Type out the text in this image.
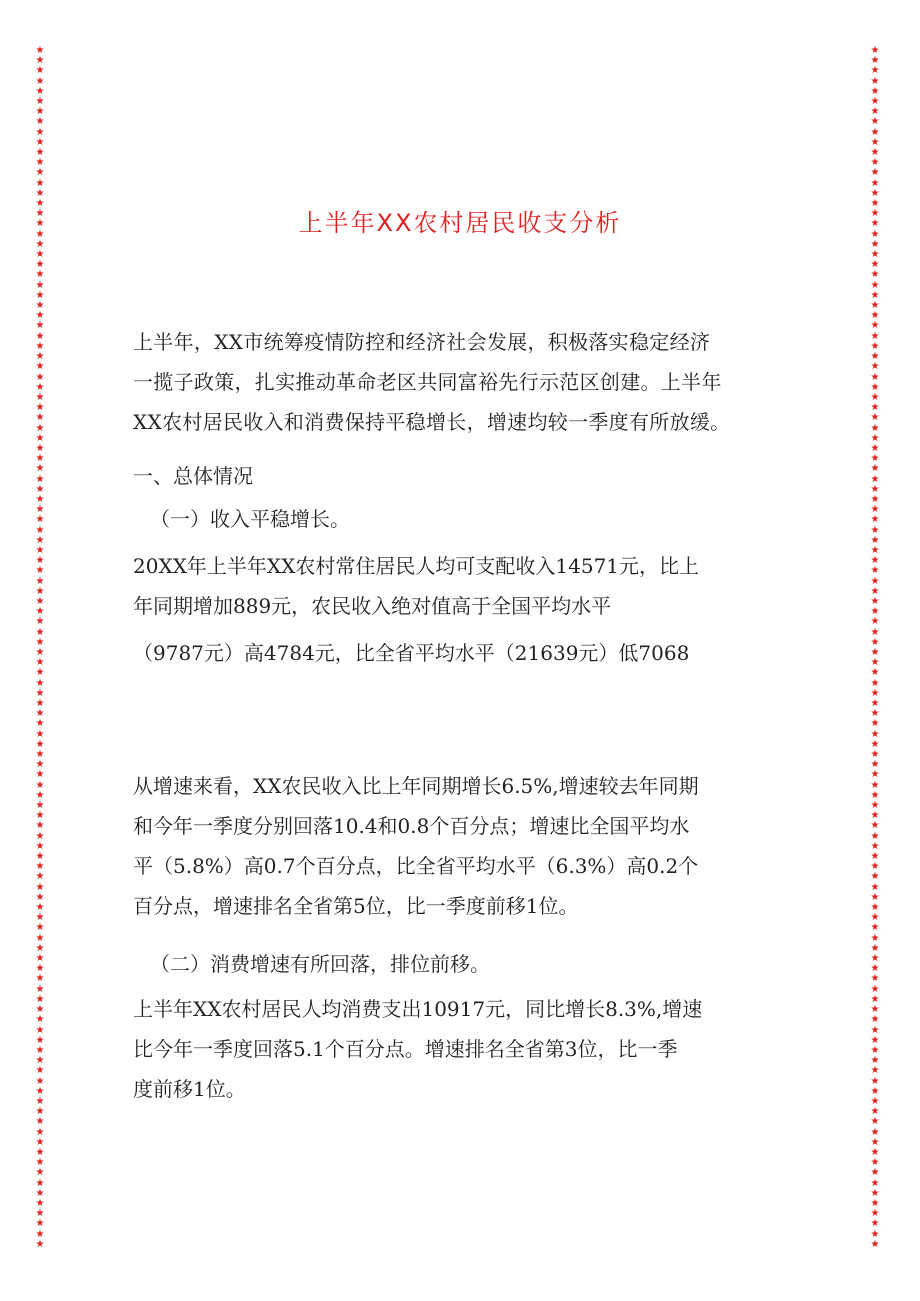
★
★
★
★
★
★
★
★
★
★
★
★
★
★
★
★
★
★
★
★
★
★
★
★
★
★
★
★
★
★
★
★
★
★
★
★
★
★
★
★
★
★
★
★
★
★
★
★
★
★
★
★
★
★
★
★
★
★
★
★
★
★
★
★
★
★
★
★
★
★
★
★
★
★
★
★
★
★
★
★
★
★
★
★
★
★
★
★
★
★
★
★
★
★
★
★
★
★
★
★
★
★
★
★
★
★
★
★
★
★
★
★
★
★
★
★
★
★
★
★
★
★
★
★
★
★
★
★
★
★
★
★
★
★
★
★
★
★
★
★
★
★
★
★
★
★
★
★
★
★
★
★
★
★
★
★
★
★
★
★
★
★
★
★
★
★
★
★
★
★
★
★
★
★
★
★
★
★
★
★
★
★
★
★
★
★
★
★
★
★
★
★
★
★
★
★
★
★
★
★
★
★
★
★
★
★
★
★
★
★
★
★
★
★
★
★
★
★
★
★
★
★
★
★
★
★
★
★
★
★
★
★
★
★
★
★
上半年XX农村居民收支分析
上半年，XX市统筹疫情防控和经济社会发展，积极落实稳定经济
一揽子政策，扎实推动革命老区共同富裕先行示范区创建。上半年
XX农村居民收入和消费保持平稳增长，增速均较一季度有所放缓。
一、总体情况
（一）收入平稳增长。
20XX年上半年XX农村常住居民人均可支配收入14571元，比上
年同期增加889元，农民收入绝对值高于全国平均水平
（9787元）高4784元，比全省平均水平（21639元）低7068
从增速来看，XX农民收入比上年同期增长6.5%,增速较去年同期
和今年一季度分别回落10.4和0.8个百分点；增速比全国平均水
平（5.8%）高0.7个百分点，比全省平均水平（6.3%）高0.2个
百分点，增速排名全省第5位，比一季度前移1位。
（二）消费增速有所回落，排位前移。
上半年XX农村居民人均消费支出10917元，同比增长8.3%,增速
比今年一季度回落5.1个百分点。增速排名全省第3位，比一季
度前移1位。
